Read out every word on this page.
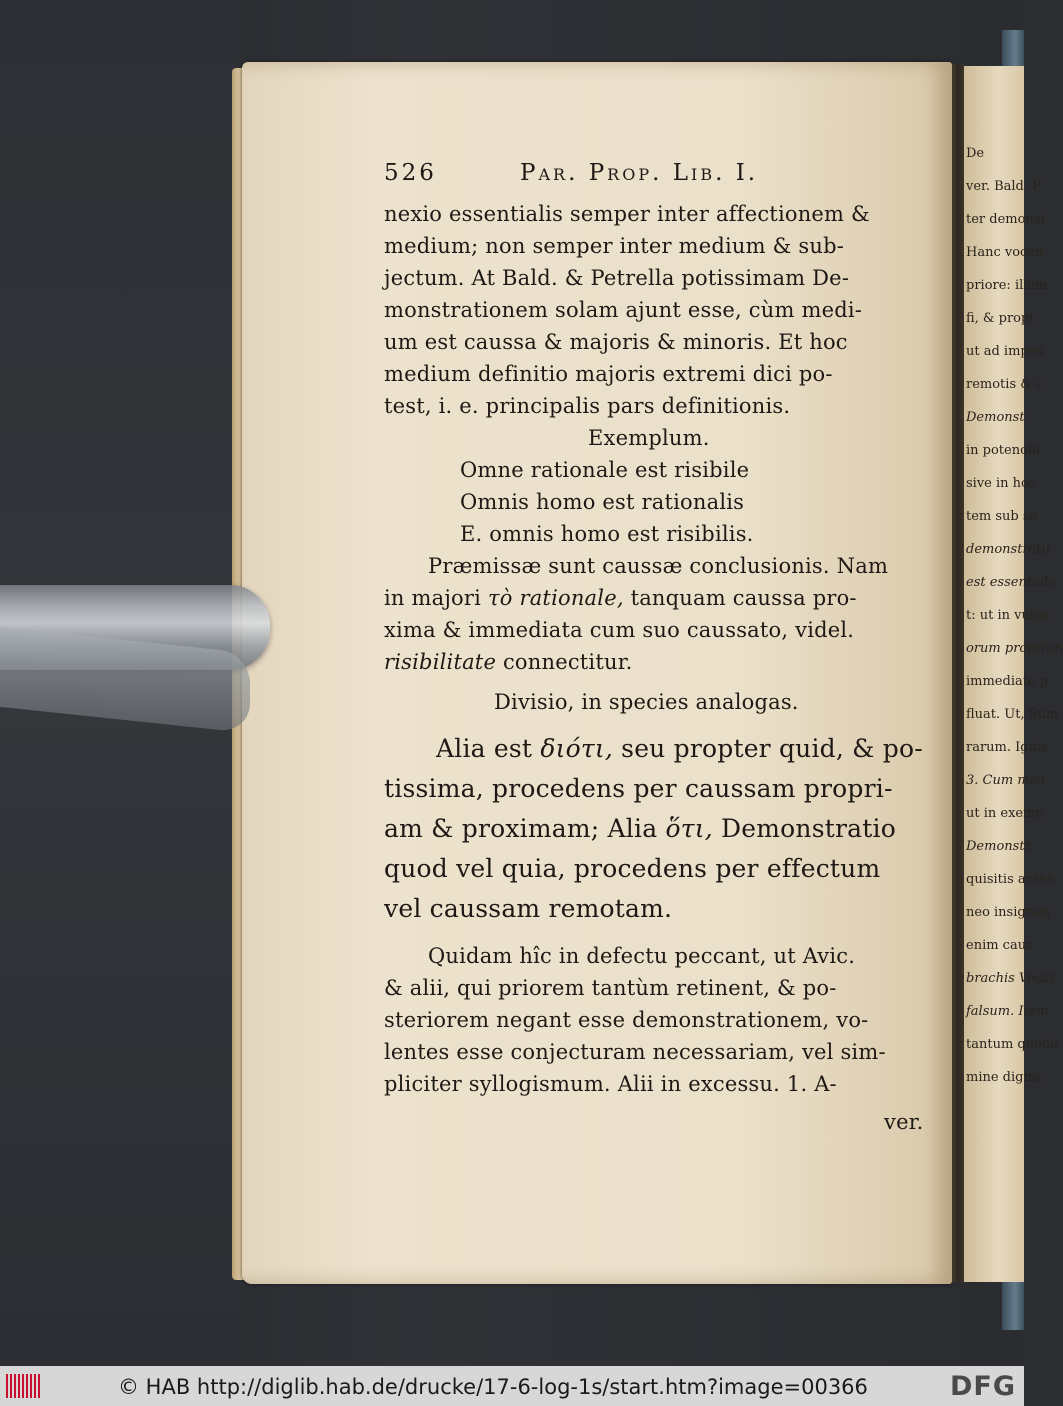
De
ver. Bald. P
ter demonst
Hanc vocan
priore: illam
fi, & propt
ut ad impos
remotis & c
Demonst.
in potenobi
sive in hoc
tem sub se
demonstratu
est essentiale
t: ut in vulga
orum propriun
immediate p
fluat. Ut, Sum
rarum. Ignis
3. Cum mea
ut in exemp
Demonstr.
quisitis antea
neo insignen
enim caus
brachis Vocat
falsum. Item
tantum quoda
mine digna.
526	Par. Prop. Lib. I.
nexio essentialis semper inter affectionem &
medium; non semper inter medium & sub-
jectum. At Bald. & Petrella potissimam De-
monstrationem solam ajunt esse, cùm medi-
um est caussa & majoris & minoris. Et hoc
medium definitio majoris extremi dici po-
test, i. e. principalis pars definitionis.
Exemplum.
Omne rationale est risibile
Omnis homo est rationalis
E. omnis homo est risibilis.
Præmissæ sunt caussæ conclusionis. Nam
in majori τὸ rationale, tanquam caussa pro-
xima & immediata cum suo caussato, videl.
risibilitate connectitur.
Divisio, in species analogas.
Alia est διότι, seu propter quid, & po-
tissima, procedens per caussam propri-
am & proximam; Alia ὅτι, Demonstratio
quod vel quia, procedens per effectum
vel caussam remotam.
Quidam hîc in defectu peccant, ut Avic.
& alii, qui priorem tantùm retinent, & po-
steriorem negant esse demonstrationem, vo-
lentes esse conjecturam necessariam, vel sim-
pliciter syllogismum. Alii in excessu. 1. A-
ver.
© HAB http://diglib.hab.de/drucke/17-6-log-1s/start.htm?image=00366	DFG
